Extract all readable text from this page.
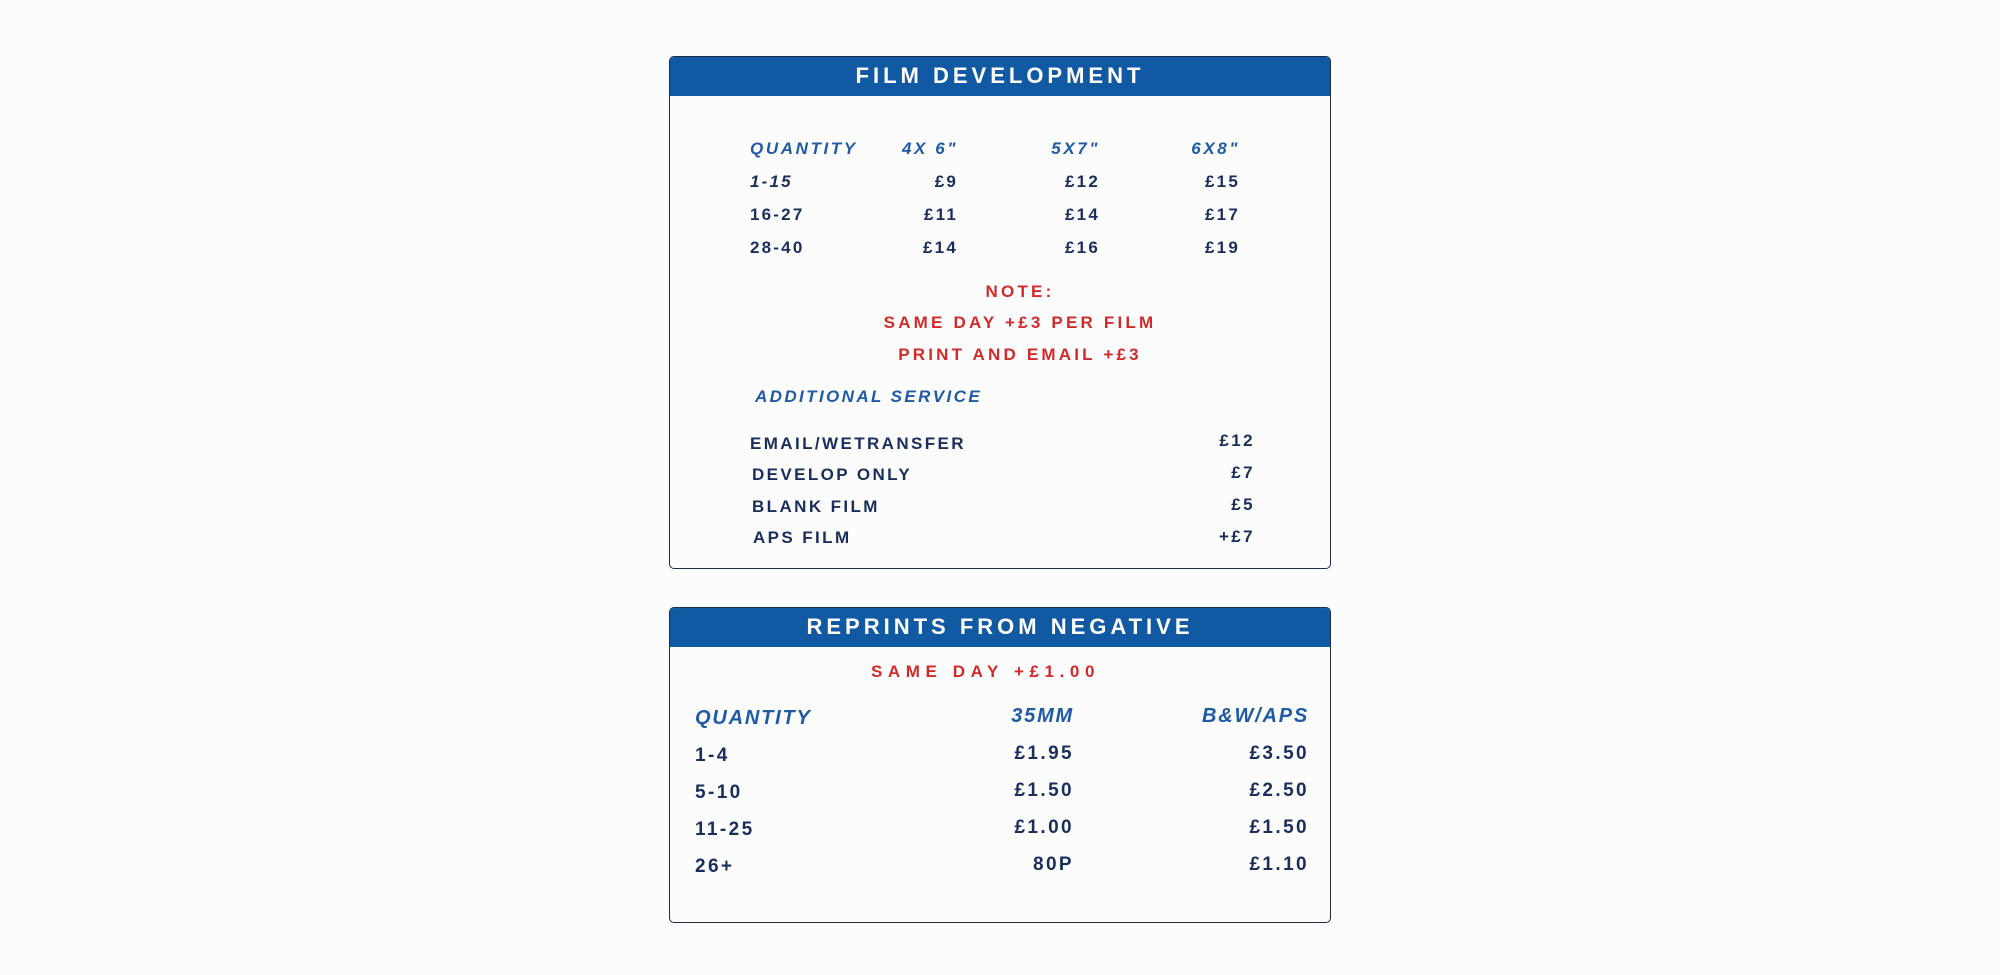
FILM DEVELOPMENT
QUANTITY	4X 6"	5X7"	6X8"
1-15	£9	£12	£15
16-27	£11	£14	£17
28-40	£14	£16	£19
NOTE:
SAME DAY +£3 PER FILM
PRINT AND EMAIL +£3
ADDITIONAL SERVICE
EMAIL/WETRANSFER	£12
DEVELOP ONLY	£7
BLANK FILM	£5
APS FILM	+£7
REPRINTS FROM NEGATIVE
SAME DAY +£1.00
QUANTITY	35MM	B&W/APS
1-4	£1.95	£3.50
5-10	£1.50	£2.50
11-25	£1.00	£1.50
26+	80P	£1.10
